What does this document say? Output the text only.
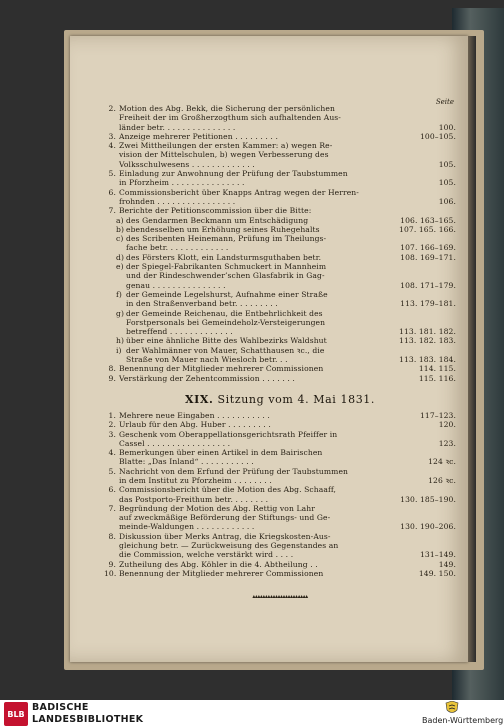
Seite
2. Motion des Abg. Bekk, die Sicherung der persönlichen
Freiheit der im Großherzogthum sich aufhaltenden Aus-
länder betr. . . . . . . . . . . . . . .	100.
3. Anzeige mehrerer Petitionen . . . . . . . . .	100–105.
4. Zwei Mittheilungen der ersten Kammer: a) wegen Re-
vision der Mittelschulen, b) wegen Verbesserung des
Volksschulwesens . . . . . . . . . . . . .	105.
5. Einladung zur Anwohnung der Prüfung der Taubstummen
in Pforzheim . . . . . . . . . . . . . . .	105.
6. Commissionsbericht über Knapps Antrag wegen der Herren-
frohnden . . . . . . . . . . . . . . . .	106.
7. Berichte der Petitionscommission über die Bitte:
a) des Gendarmen Beckmann um Entschädigung	106. 163–165.
b) ebendesselben um Erhöhung seines Ruhegehalts	107. 165. 166.
c) des Scribenten Heinemann, Prüfung im Theilungs-
fache betr. . . . . . . . . . . . .	107. 166–169.
d) des Försters Klott, ein Landsturmsguthaben betr.	108. 169–171.
e) der Spiegel-Fabrikanten Schmuckert in Mannheim
und der Rindeschwender’schen Glasfabrik in Gag-
genau . . . . . . . . . . . . . . .	108. 171–179.
f) der Gemeinde Legelshurst, Aufnahme einer Straße
in den Straßenverband betr. . . . . . . . .	113. 179–181.
g) der Gemeinde Reichenau, die Entbehrlichkeit des
Forstpersonals bei Gemeindeholz-Versteigerungen
betreffend . . . . . . . . . . . . .	113. 181. 182.
h) über eine ähnliche Bitte des Wahlbezirks Waldshut	113. 182. 183.
i) der Wahlmänner von Mauer, Schatthausen ꝛc., die
Straße von Mauer nach Wiesloch betr. . .	113. 183. 184.
8. Benennung der Mitglieder mehrerer Commissionen	114. 115.
9. Verstärkung der Zehentcommission . . . . . . .	115. 116.
XIX. Sitzung vom 4. Mai 1831.
1. Mehrere neue Eingaben . . . . . . . . . . .	117–123.
2. Urlaub für den Abg. Huber . . . . . . . . .	120.
3. Geschenk vom Oberappellationsgerichtsrath Pfeiffer in
Cassel . . . . . . . . . . . . . . . . .	123.
4. Bemerkungen über einen Artikel in dem Bairischen
Blatte: „Das Inland“ . . . . . . . . . . .	124 ꝛc.
5. Nachricht von dem Erfund der Prüfung der Taubstummen
in dem Institut zu Pforzheim . . . . . . . .	126 ꝛc.
6. Commissionsbericht über die Motion des Abg. Schaaff,
das Postporto-Freithum betr. . . . . . . .	130. 185–190.
7. Begründung der Motion des Abg. Rettig von Lahr
auf zweckmäßige Beförderung der Stiftungs- und Ge-
meinde-Waldungen . . . . . . . . . . . .	130. 190–206.
8. Diskussion über Merks Antrag, die Kriegskosten-Aus-
gleichung betr. — Zurückweisung des Gegenstandes an
die Commission, welche verstärkt wird . . . .	131–149.
9. Zutheilung des Abg. Köhler in die 4. Abtheilung . .	149.
10. Benennung der Mitglieder mehrerer Commissionen	149. 150.
▴▴▴▴▴▴▴▴▴▴▴▴▴▴▴▴▴▴▴▴▴▴
BLB
BADISCHE
LANDESBIBLIOTHEK	Baden-Württemberg
